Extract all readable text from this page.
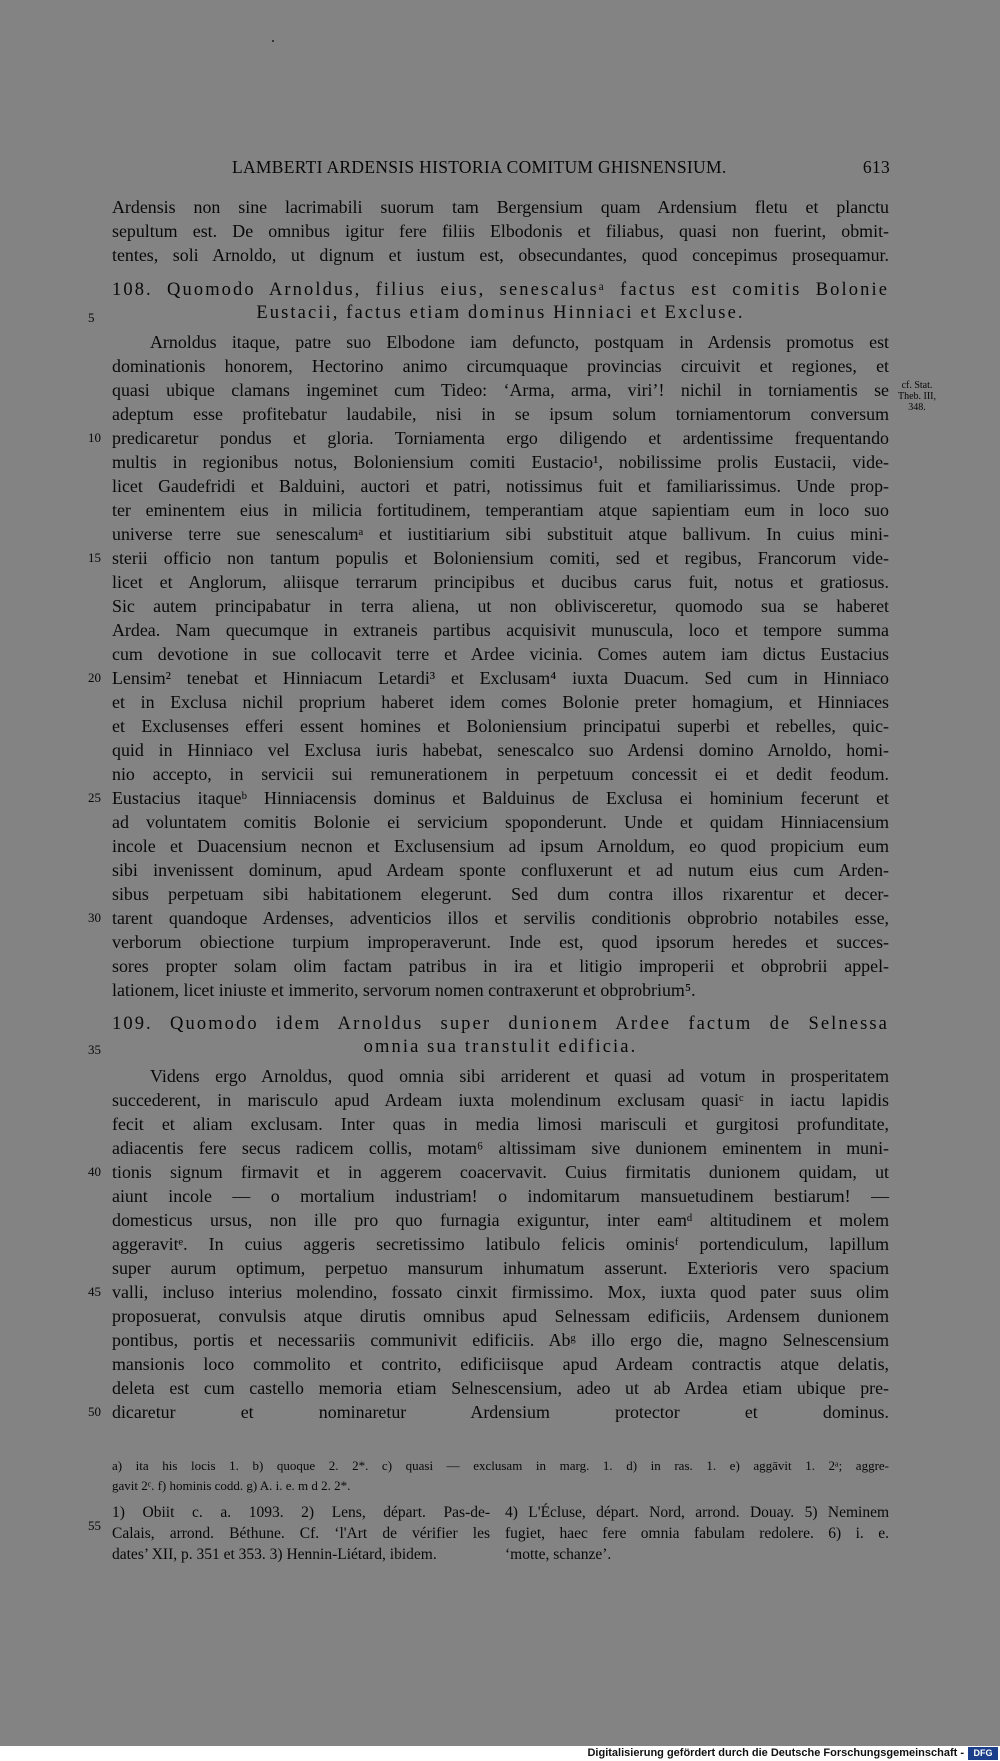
LAMBERTI ARDENSIS HISTORIA COMITUM GHISNENSIUM.	613
Ardensis non sine lacrimabili suorum tam Bergensium quam Ardensium fletu et planctu
sepultum est. De omnibus igitur fere filiis Elbodonis et filiabus, quasi non fuerint, obmit-
tentes, soli Arnoldo, ut dignum et iustum est, obsecundantes, quod concepimus prosequamur.
108. Quomodo Arnoldus, filius eius, senescalusᵃ factus est comitis Bolonie
Eustacii, factus etiam dominus Hinniaci et Excluse.
Arnoldus itaque, patre suo Elbodone iam defuncto, postquam in Ardensis promotus est
dominationis honorem, Hectorino animo circumquaque provincias circuivit et regiones, et
quasi ubique clamans ingeminet cum Tideo: ‘Arma, arma, viri’! nichil in torniamentis se
adeptum esse profitebatur laudabile, nisi in se ipsum solum torniamentorum conversum
predicaretur pondus et gloria. Torniamenta ergo diligendo et ardentissime frequentando
multis in regionibus notus, Boloniensium comiti Eustacio¹, nobilissime prolis Eustacii, vide-
licet Gaudefridi et Balduini, auctori et patri, notissimus fuit et familiarissimus. Unde prop-
ter eminentem eius in milicia fortitudinem, temperantiam atque sapientiam eum in loco suo
universe terre sue senescalumᵃ et iustitiarium sibi substituit atque ballivum. In cuius mini-
sterii officio non tantum populis et Boloniensium comiti, sed et regibus, Francorum vide-
licet et Anglorum, aliisque terrarum principibus et ducibus carus fuit, notus et gratiosus.
Sic autem principabatur in terra aliena, ut non oblivisceretur, quomodo sua se haberet
Ardea. Nam quecumque in extraneis partibus acquisivit munuscula, loco et tempore summa
cum devotione in sue collocavit terre et Ardee vicinia. Comes autem iam dictus Eustacius
Lensim² tenebat et Hinniacum Letardi³ et Exclusam⁴ iuxta Duacum. Sed cum in Hinniaco
et in Exclusa nichil proprium haberet idem comes Bolonie preter homagium, et Hinniaces
et Exclusenses efferi essent homines et Boloniensium principatui superbi et rebelles, quic-
quid in Hinniaco vel Exclusa iuris habebat, senescalco suo Ardensi domino Arnoldo, homi-
nio accepto, in servicii sui remunerationem in perpetuum concessit ei et dedit feodum.
Eustacius itaqueᵇ Hinniacensis dominus et Balduinus de Exclusa ei hominium fecerunt et
ad voluntatem comitis Bolonie ei servicium spoponderunt. Unde et quidam Hinniacensium
incole et Duacensium necnon et Exclusensium ad ipsum Arnoldum, eo quod propicium eum
sibi invenissent dominum, apud Ardeam sponte confluxerunt et ad nutum eius cum Arden-
sibus perpetuam sibi habitationem elegerunt. Sed dum contra illos rixarentur et decer-
tarent quandoque Ardenses, adventicios illos et servilis conditionis obprobrio notabiles esse,
verborum obiectione turpium improperaverunt. Inde est, quod ipsorum heredes et succes-
sores propter solam olim factam patribus in ira et litigio improperii et obprobrii appel-
lationem, licet iniuste et immerito, servorum nomen contraxerunt et obprobrium⁵.
109. Quomodo idem Arnoldus super dunionem Ardee factum de Selnessa
omnia sua transtulit edificia.
Videns ergo Arnoldus, quod omnia sibi arriderent et quasi ad votum in prosperitatem
succederent, in marisculo apud Ardeam iuxta molendinum exclusam quasiᶜ in iactu lapidis
fecit et aliam exclusam. Inter quas in media limosi marisculi et gurgitosi profunditate,
adiacentis fere secus radicem collis, motam⁶ altissimam sive dunionem eminentem in muni-
tionis signum firmavit et in aggerem coacervavit. Cuius firmitatis dunionem quidam, ut
aiunt incole — o mortalium industriam! o indomitarum mansuetudinem bestiarum! —
domesticus ursus, non ille pro quo furnagia exiguntur, inter eamᵈ altitudinem et molem
aggeravitᵉ. In cuius aggeris secretissimo latibulo felicis ominisᶠ portendiculum, lapillum
super aurum optimum, perpetuo mansurum inhumatum asserunt. Exterioris vero spacium
valli, incluso interius molendino, fossato cinxit firmissimo. Mox, iuxta quod pater suus olim
proposuerat, convulsis atque dirutis omnibus apud Selnessam edificiis, Ardensem dunionem
pontibus, portis et necessariis communivit edificiis. Abᵍ illo ergo die, magno Selnescensium
mansionis loco commolito et contrito, edificiisque apud Ardeam contractis atque delatis,
deleta est cum castello memoria etiam Selnescensium, adeo ut ab Ardea etiam ubique pre-
dicaretur et nominaretur Ardensium protector et dominus.
5
10
15
20
25
30
35
40
45
50
55
cf. Stat.
Theb. III,
348.
a) ita his locis 1. b) quoque 2. 2*. c) quasi — exclusam in marg. 1. d) in ras. 1. e) aggāvit 1. 2ᵃ; aggre-
gavit 2ᶜ. f) hominis codd. g) A. i. e. m d 2. 2*.
1) Obiit c. a. 1093. 2) Lens, départ. Pas-de-
Calais, arrond. Béthune. Cf. ‘l'Art de vérifier les
dates’ XII, p. 351 et 353. 3) Hennin-Liétard, ibidem.
4) L'Écluse, départ. Nord, arrond. Douay. 5) Neminem
fugiet, haec fere omnia fabulam redolere. 6) i. e.
‘motte, schanze’.
Digitalisierung gefördert durch die Deutsche Forschungsgemeinschaft -	DFG
